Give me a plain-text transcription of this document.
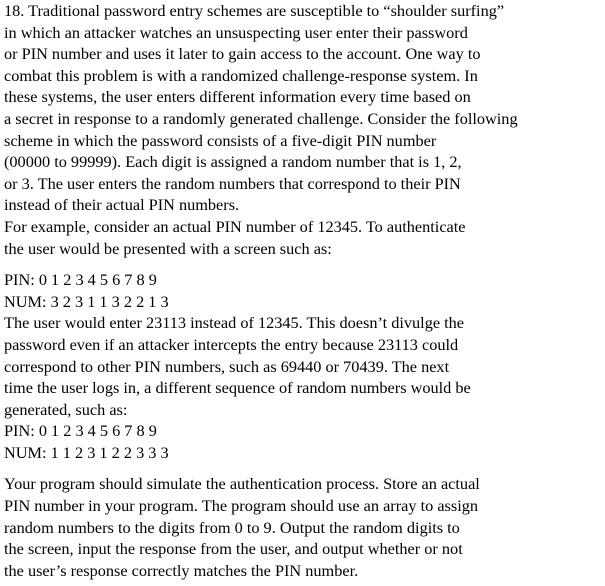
18. Traditional password entry schemes are susceptible to “shoulder surfing”
in which an attacker watches an unsuspecting user enter their password
or PIN number and uses it later to gain access to the account. One way to
combat this problem is with a randomized challenge-response system. In
these systems, the user enters different information every time based on
a secret in response to a randomly generated challenge. Consider the following
scheme in which the password consists of a five-digit PIN number
(00000 to 99999). Each digit is assigned a random number that is 1, 2,
or 3. The user enters the random numbers that correspond to their PIN
instead of their actual PIN numbers.
For example, consider an actual PIN number of 12345. To authenticate
the user would be presented with a screen such as:
PIN: 0 1 2 3 4 5 6 7 8 9
NUM: 3 2 3 1 1 3 2 2 1 3
The user would enter 23113 instead of 12345. This doesn’t divulge the
password even if an attacker intercepts the entry because 23113 could
correspond to other PIN numbers, such as 69440 or 70439. The next
time the user logs in, a different sequence of random numbers would be
generated, such as:
PIN: 0 1 2 3 4 5 6 7 8 9
NUM: 1 1 2 3 1 2 2 3 3 3
Your program should simulate the authentication process. Store an actual
PIN number in your program. The program should use an array to assign
random numbers to the digits from 0 to 9. Output the random digits to
the screen, input the response from the user, and output whether or not
the user’s response correctly matches the PIN number.
